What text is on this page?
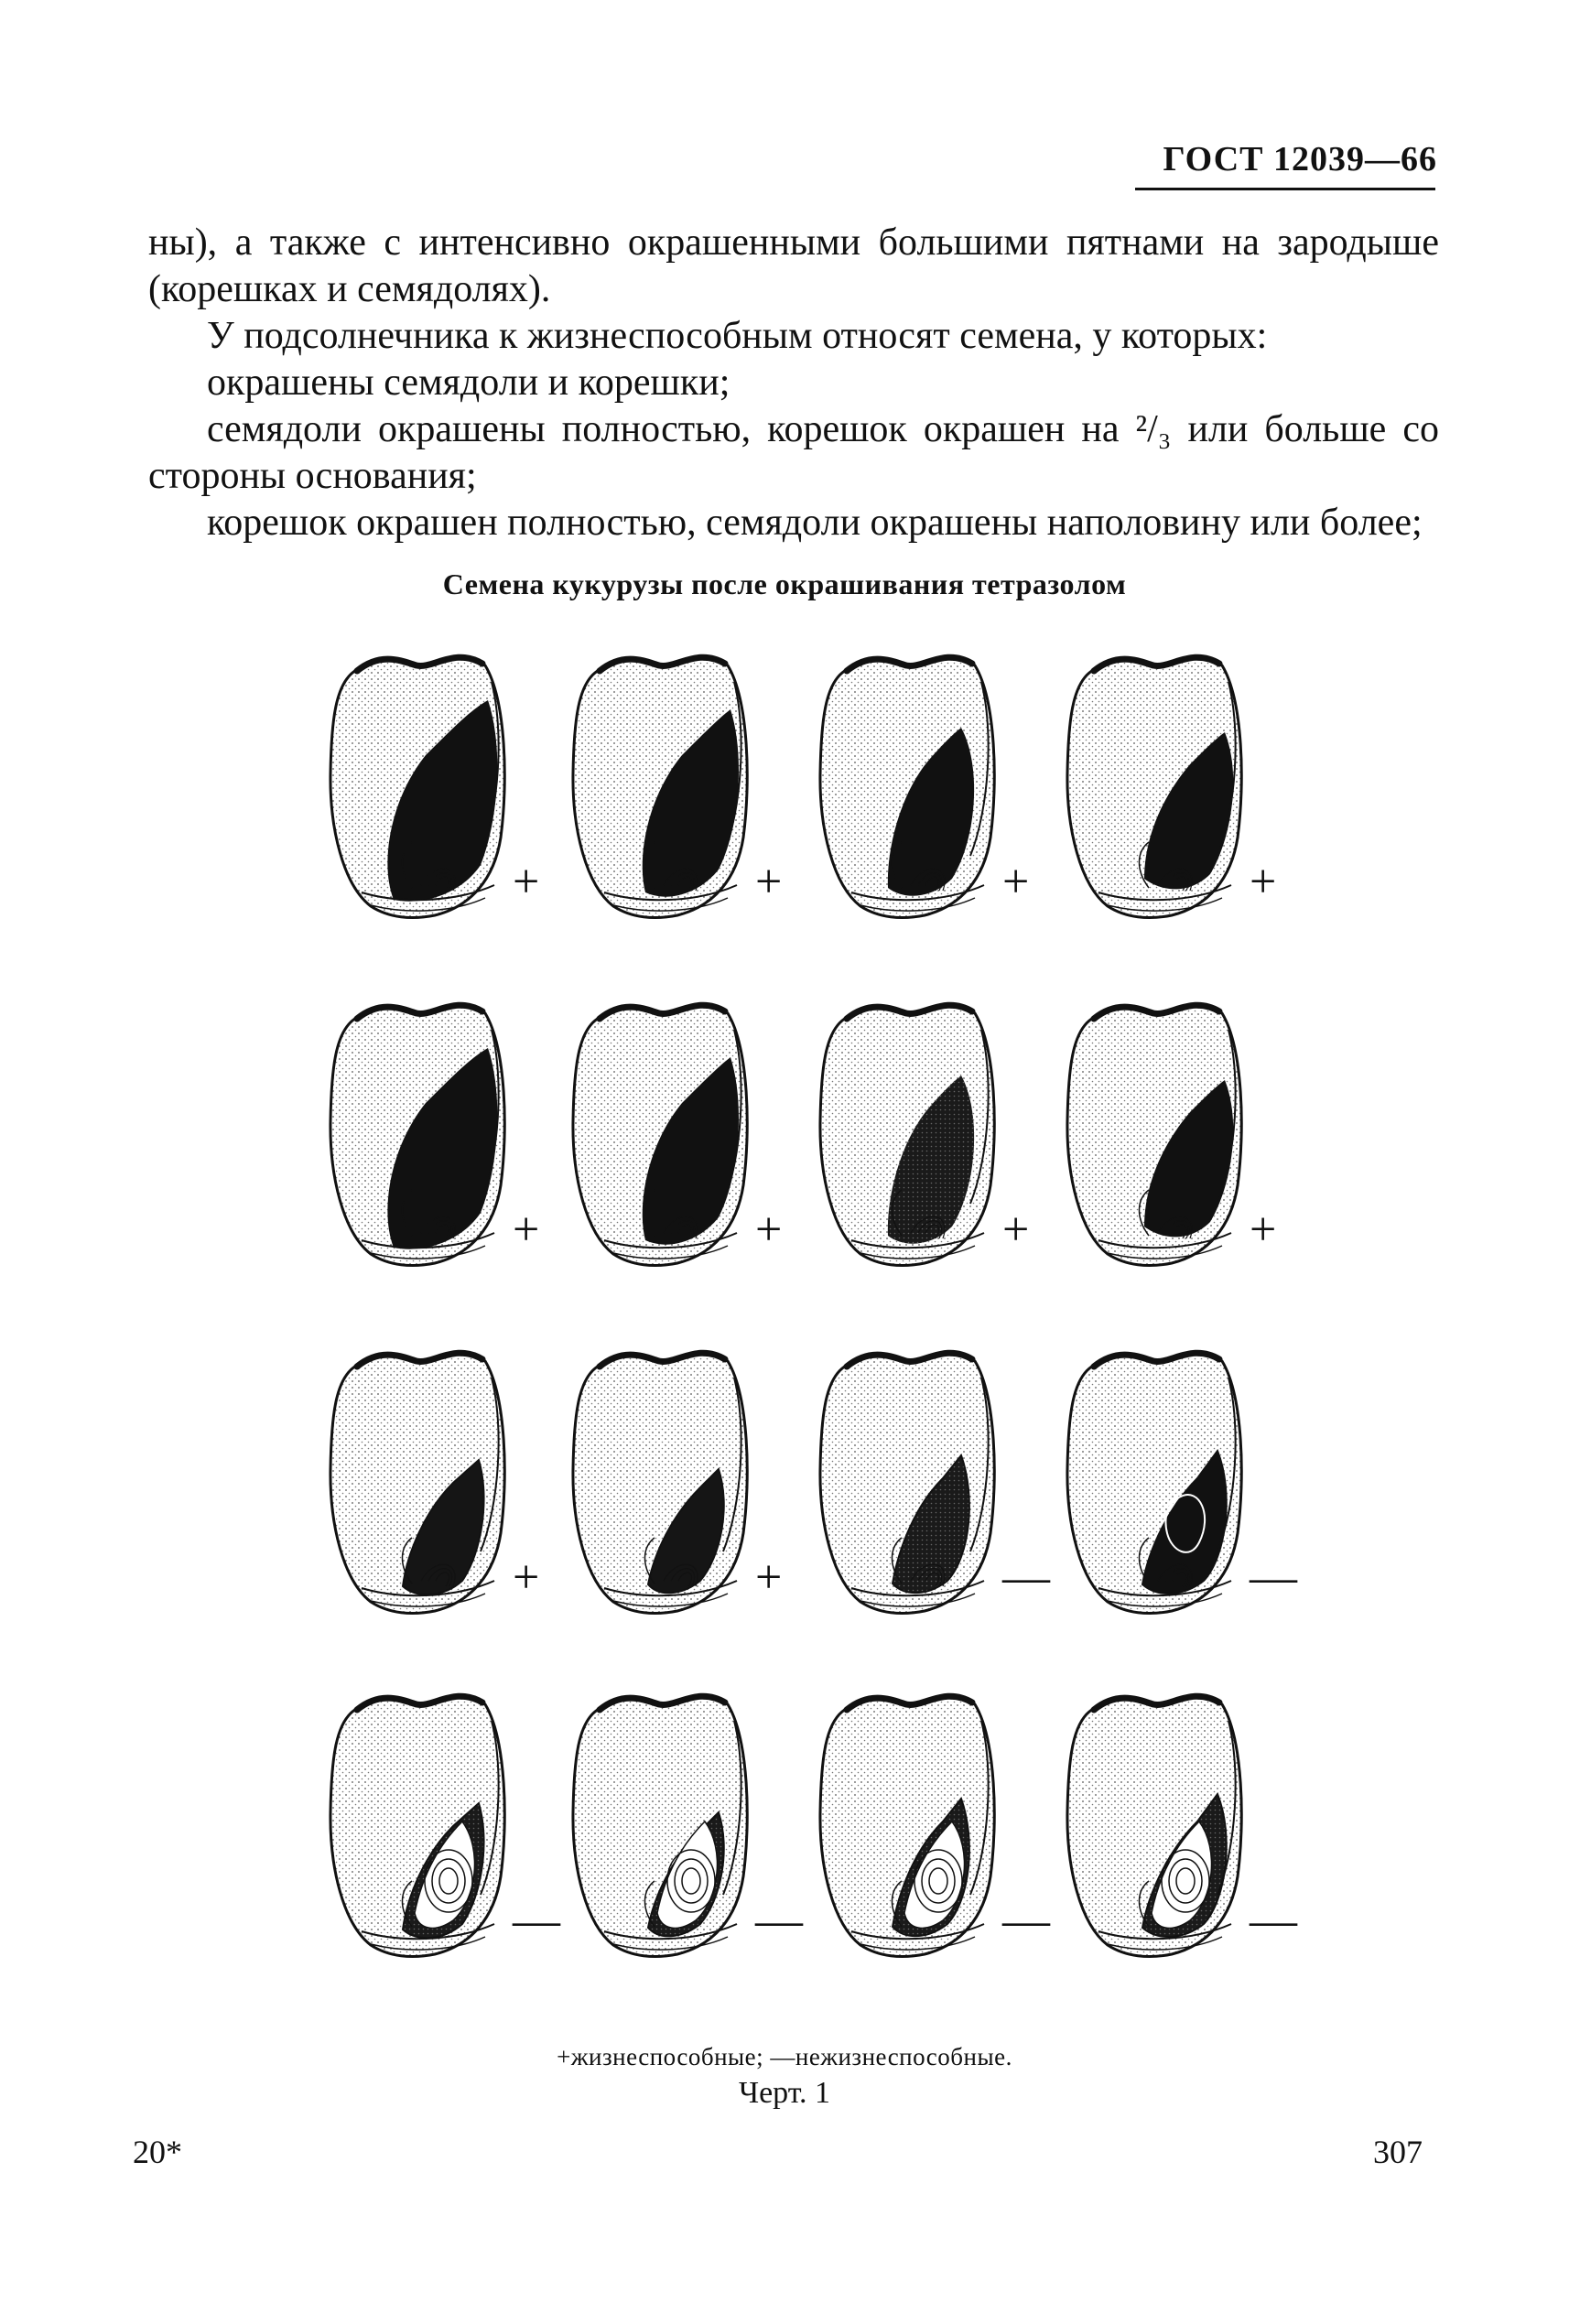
ГОСТ 12039—66

ны), а также с интенсивно окрашенными большими пятнами на зародыше (корешках и семядолях).

У подсолнечника к жизнеспособным относят семена, у которых:

окрашены семядоли и корешки;

семядоли окрашены полностью, корешок окрашен на ²/₃ или больше со стороны основания;

корешок окрашен полностью, семядоли окрашены наполовину или более;

Семена кукурузы после окрашивания тетразолом
+	+	+	+
+	+	+	+
+	+	—	—
—	—	—	—
+жизнеспособные; —нежизнеспособные.
Черт. 1
20*	307
